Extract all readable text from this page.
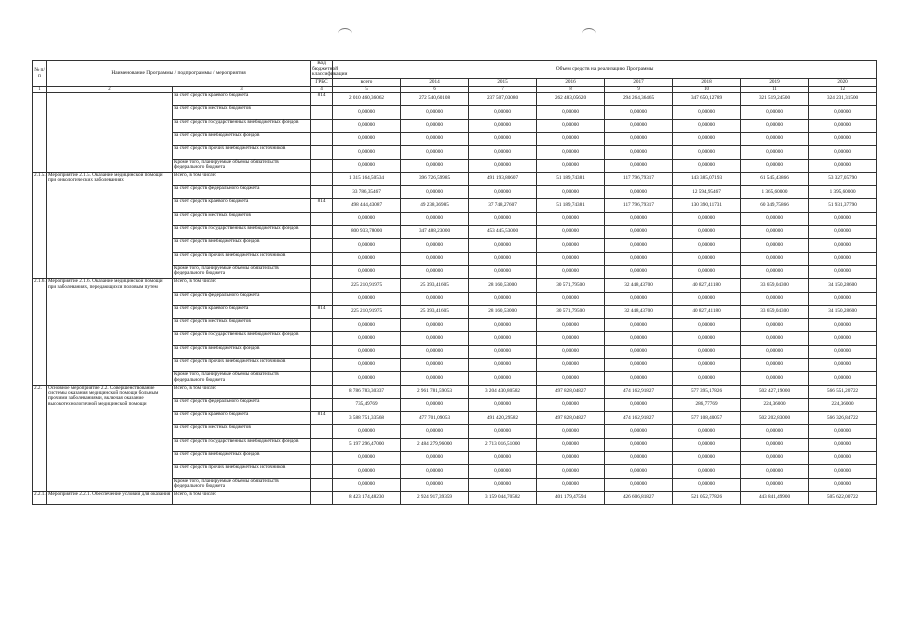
№ п/п	Наименование Программы / подпрограммы / мероприятия		Код бюджетной классификации	Объем средств на реализацию Программы							
			ГРБС	всего	2014	2015	2016	2017	2018	2019	2020
1	2	3	4	5	6	7	8	9	10	11	12
		за счет средств краевого бюджета	814	2 010 460,36062	272 540,60108	237 507,03080	262 483,05620	294 264,36465	347 650,12789	321 519,24500	324 231,31500
		за счет средств местных бюджетов		0,00000	0,00000	0,00000	0,00000	0,00000	0,00000	0,00000	0,00000
		за счет средств государственных внебюджетных фондов		0,00000	0,00000	0,00000	0,00000	0,00000	0,00000	0,00000	0,00000
		за счет средств внебюджетных фондов		0,00000	0,00000	0,00000	0,00000	0,00000	0,00000	0,00000	0,00000
		за счет средств прочих внебюджетных источников		0,00000	0,00000	0,00000	0,00000	0,00000	0,00000	0,00000	0,00000
		Кроме того, планируемые объемы обязательств федерального бюджета		0,00000	0,00000	0,00000	0,00000	0,00000	0,00000	0,00000	0,00000
2.1.5.	Мероприятие 2.1.5. Оказание медицинской помощи при онкологических заболеваниях	Всего, в том числе:		1 315 164,50534	396 726,59985	491 193,80607	51 189,74381	117 796,79317	143 385,07193	61 545,43866	53 327,05790
		за счет средств федерального бюджета		33 786,35467	0,00000	0,00000	0,00000	0,00000	12 594,95467	1 365,60000	1 395,60000
		за счет средств краевого бюджета	814	498 444,43087	49 238,36985	37 748,27607	51 189,74381	117 796,79317	130 390,11731	60 349,75866	51 931,37790
		за счет средств местных бюджетов		0,00000	0,00000	0,00000	0,00000	0,00000	0,00000	0,00000	0,00000
		за счет средств государственных внебюджетных фондов		800 933,78000	347 488,23000	453 445,53000	0,00000	0,00000	0,00000	0,00000	0,00000
		за счет средств внебюджетных фондов		0,00000	0,00000	0,00000	0,00000	0,00000	0,00000	0,00000	0,00000
		за счет средств прочих внебюджетных источников		0,00000	0,00000	0,00000	0,00000	0,00000	0,00000	0,00000	0,00000
		Кроме того, планируемые объемы обязательств федерального бюджета		0,00000	0,00000	0,00000	0,00000	0,00000	0,00000	0,00000	0,00000
2.1.6.	Мероприятие 2.1.6. Оказание медицинской помощи при заболеваниях, передающихся половым путем	Всего, в том числе:		225 210,91975	25 393,41605	28 160,53000	30 571,79500	32 448,43700	40 827,41180	33 659,04300	34 150,28600
		за счет средств федерального бюджета		0,00000	0,00000	0,00000	0,00000	0,00000	0,00000	0,00000	0,00000
		за счет средств краевого бюджета	814	225 210,91975	25 393,41605	28 160,53000	30 571,79500	32 448,43700	40 827,41180	33 659,04300	34 150,28600
		за счет средств местных бюджетов		0,00000	0,00000	0,00000	0,00000	0,00000	0,00000	0,00000	0,00000
		за счет средств государственных внебюджетных фондов		0,00000	0,00000	0,00000	0,00000	0,00000	0,00000	0,00000	0,00000
		за счет средств внебюджетных фондов		0,00000	0,00000	0,00000	0,00000	0,00000	0,00000	0,00000	0,00000
		за счет средств прочих внебюджетных источников		0,00000	0,00000	0,00000	0,00000	0,00000	0,00000	0,00000	0,00000
		Кроме того, планируемые объемы обязательств федерального бюджета		0,00000	0,00000	0,00000	0,00000	0,00000	0,00000	0,00000	0,00000
2.2.	Основное мероприятие 2.2. Совершенствование системы оказания медицинской помощи больным прочими заболеваниями, включая оказание высокотехнологичной медицинской помощи	Всего, в том числе:		8 786 783,30337	2 961 781,59053	3 204 430,80582	497 828,04827	474 162,91827	577 395,17826	502 427,19000	566 551,20722
		за счет средств федерального бюджета		735,49769	0,00000	0,00000	0,00000	0,00000	286,77769	224,36000	224,36000
		за счет средств краевого бюджета	814	3 588 751,33568	477 701,09053	491 420,29582	497 828,04827	474 162,91827	577 108,40057	502 202,83000	566 326,84722
		за счет средств местных бюджетов		0,00000	0,00000	0,00000	0,00000	0,00000	0,00000	0,00000	0,00000
		за счет средств государственных внебюджетных фондов		5 197 296,47000	2 484 279,96000	2 713 016,51000	0,00000	0,00000	0,00000	0,00000	0,00000
		за счет средств внебюджетных фондов		0,00000	0,00000	0,00000	0,00000	0,00000	0,00000	0,00000	0,00000
		за счет средств прочих внебюджетных источников		0,00000	0,00000	0,00000	0,00000	0,00000	0,00000	0,00000	0,00000
		Кроме того, планируемые объемы обязательств федерального бюджета		0,00000	0,00000	0,00000	0,00000	0,00000	0,00000	0,00000	0,00000
2.2.1.	Мероприятие 2.2.1. Обеспечение условий для оказания	Всего, в том числе:		8 423 174,48230	2 924 917,39359	3 159 044,70582	401 179,47594	426 606,81827	521 052,77826	443 841,49900	505 622,00722
